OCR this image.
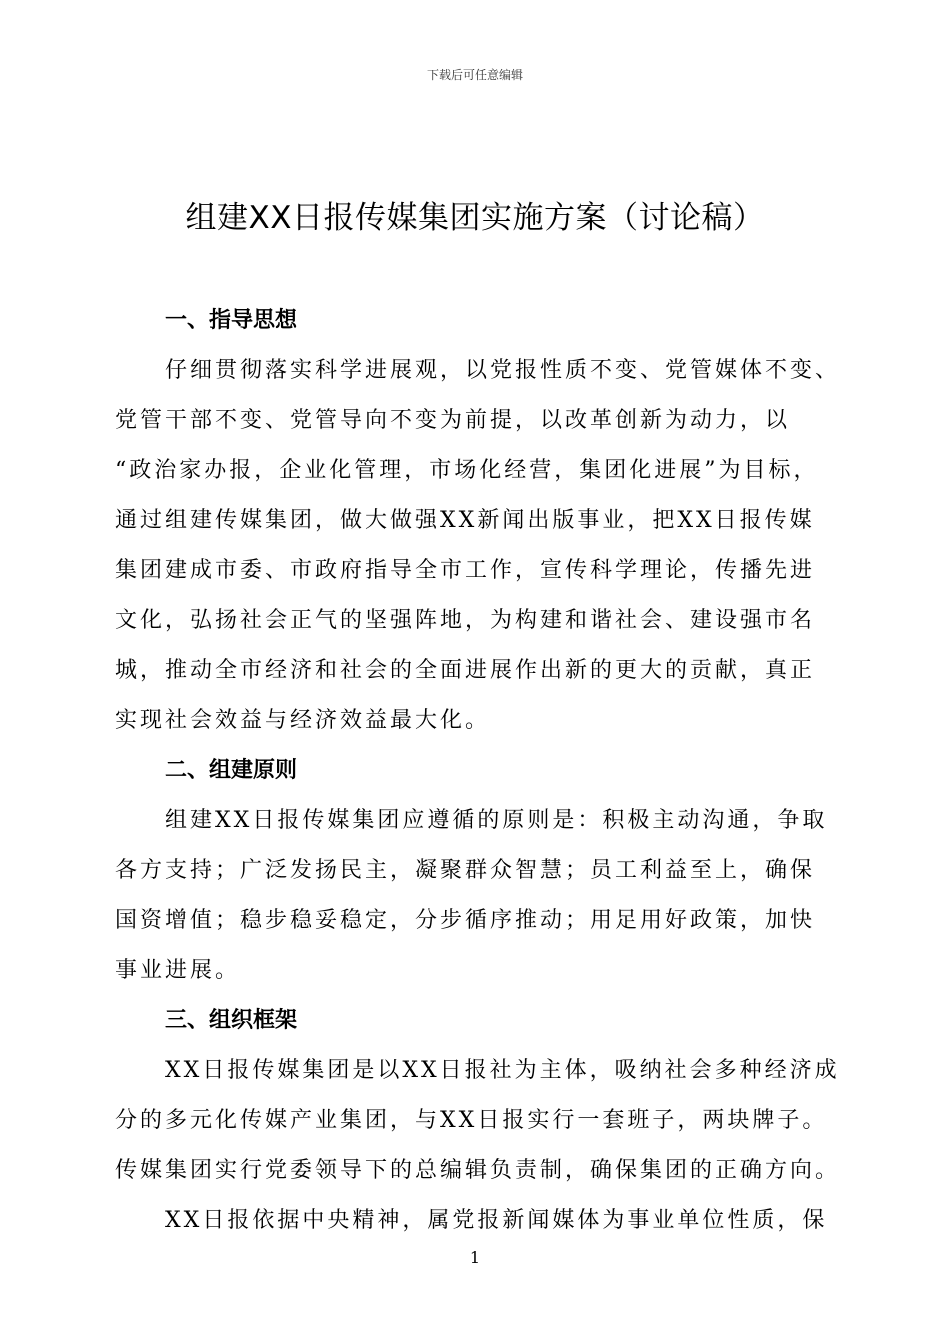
下载后可任意编辑
组建XX日报传媒集团实施方案（讨论稿）

一、指导思想

仔细贯彻落实科学进展观，以党报性质不变、党管媒体不变、
党管干部不变、党管导向不变为前提，以改革创新为动力，以
“政治家办报，企业化管理，市场化经营，集团化进展”为目标，
通过组建传媒集团，做大做强XX新闻出版事业，把XX日报传媒
集团建成市委、市政府指导全市工作，宣传科学理论，传播先进
文化，弘扬社会正气的坚强阵地，为构建和谐社会、建设强市名
城，推动全市经济和社会的全面进展作出新的更大的贡献，真正
实现社会效益与经济效益最大化。

二、组建原则

组建XX日报传媒集团应遵循的原则是：积极主动沟通，争取
各方支持；广泛发扬民主，凝聚群众智慧；员工利益至上，确保
国资增值；稳步稳妥稳定，分步循序推动；用足用好政策，加快
事业进展。

三、组织框架

XX日报传媒集团是以XX日报社为主体，吸纳社会多种经济成
分的多元化传媒产业集团，与XX日报实行一套班子，两块牌子。
传媒集团实行党委领导下的总编辑负责制，确保集团的正确方向。
XX日报依据中央精神，属党报新闻媒体为事业单位性质，保
1
